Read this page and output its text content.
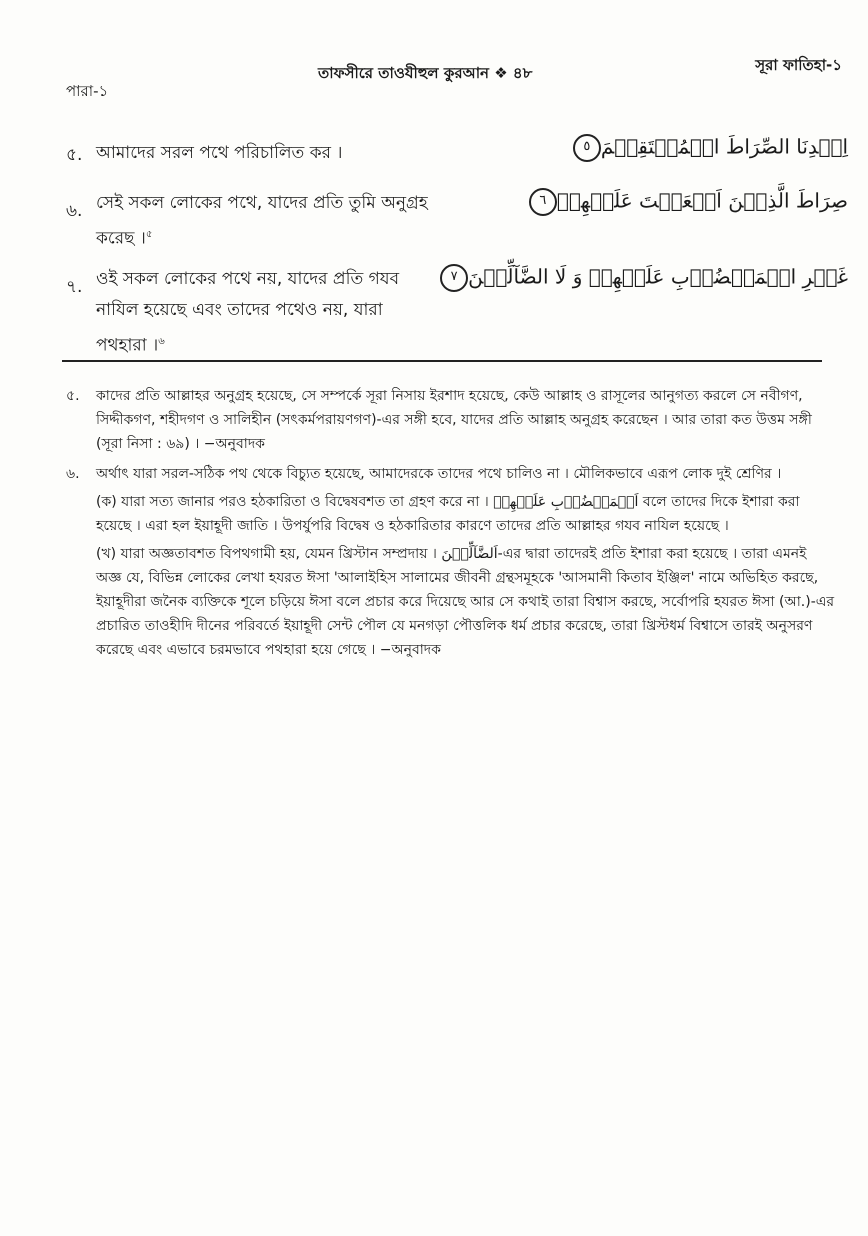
পারা-১
তাফসীরে তাওযীহুল কুরআন ❖ ৪৮	সূরা ফাতিহা-১
৫. আমাদের সরল পথে পরিচালিত কর ।	اِهۡدِنَا الصِّرَاطَ الۡمُسۡتَقِیۡمَ٥
৬. সেই সকল লোকের পথে, যাদের প্রতি তুমি অনুগ্রহ করেছ ।$^৫$
صِرَاطَ الَّذِیۡنَ اَنۡعَمۡتَ عَلَیۡهِمۡ٦
৭. ওই সকল লোকের পথে নয়, যাদের প্রতি গযব নাযিল হয়েছে এবং তাদের পথেও নয়, যারা পথহারা ।$^৬$
غَیۡرِ الۡمَغۡضُوۡبِ عَلَیۡهِمۡ وَ لَا الضَّآلِّیۡنَ٧
৫. কাদের প্রতি আল্লাহর অনুগ্রহ হয়েছে, সে সম্পর্কে সূরা নিসায় ইরশাদ হয়েছে, কেউ আল্লাহ ও রাসূলের আনুগত্য করলে সে নবীগণ, সিদ্দীকগণ, শহীদগণ ও সালিহীন (সৎকর্মপরায়ণগণ)-এর সঙ্গী হবে, যাদের প্রতি আল্লাহ অনুগ্রহ করেছেন । আর তারা কত উত্তম সঙ্গী (সূরা নিসা : ৬৯) । −অনুবাদক

৬. অর্থাৎ যারা সরল-সঠিক পথ থেকে বিচ্যুত হয়েছে, আমাদেরকে তাদের পথে চালিও না । মৌলিকভাবে এরূপ লোক দুই শ্রেণির ।

(ক) যারা সত্য জানার পরও হঠকারিতা ও বিদ্বেষবশত তা গ্রহণ করে না । اَلۡمَغۡضُوۡبِ عَلَیۡهِمۡ বলে তাদের দিকে ইশারা করা হয়েছে । এরা হল ইয়াহূদী জাতি । উপর্যুপরি বিদ্বেষ ও হঠকারিতার কারণে তাদের প্রতি আল্লাহর গযব নাযিল হয়েছে ।

(খ) যারা অজ্ঞতাবশত বিপথগামী হয়, যেমন খ্রিস্টান সম্প্রদায় । اَلضَّآلِّیۡنَ-এর দ্বারা তাদেরই প্রতি ইশারা করা হয়েছে । তারা এমনই অজ্ঞ যে, বিভিন্ন লোকের লেখা হযরত ঈসা 'আলাইহিস সালামের জীবনী গ্রন্থসমূহকে 'আসমানী কিতাব ইঞ্জিল' নামে অভিহিত করছে, ইয়াহূদীরা জনৈক ব্যক্তিকে শূলে চড়িয়ে ঈসা বলে প্রচার করে দিয়েছে আর সে কথাই তারা বিশ্বাস করছে, সর্বোপরি হযরত ঈসা (আ.)-এর প্রচারিত তাওহীদি দীনের পরিবর্তে ইয়াহূদী সেন্ট পৌল যে মনগড়া পৌত্তলিক ধর্ম প্রচার করেছে, তারা খ্রিস্টধর্ম বিশ্বাসে তারই অনুসরণ করেছে এবং এভাবে চরমভাবে পথহারা হয়ে গেছে । −অনুবাদক
